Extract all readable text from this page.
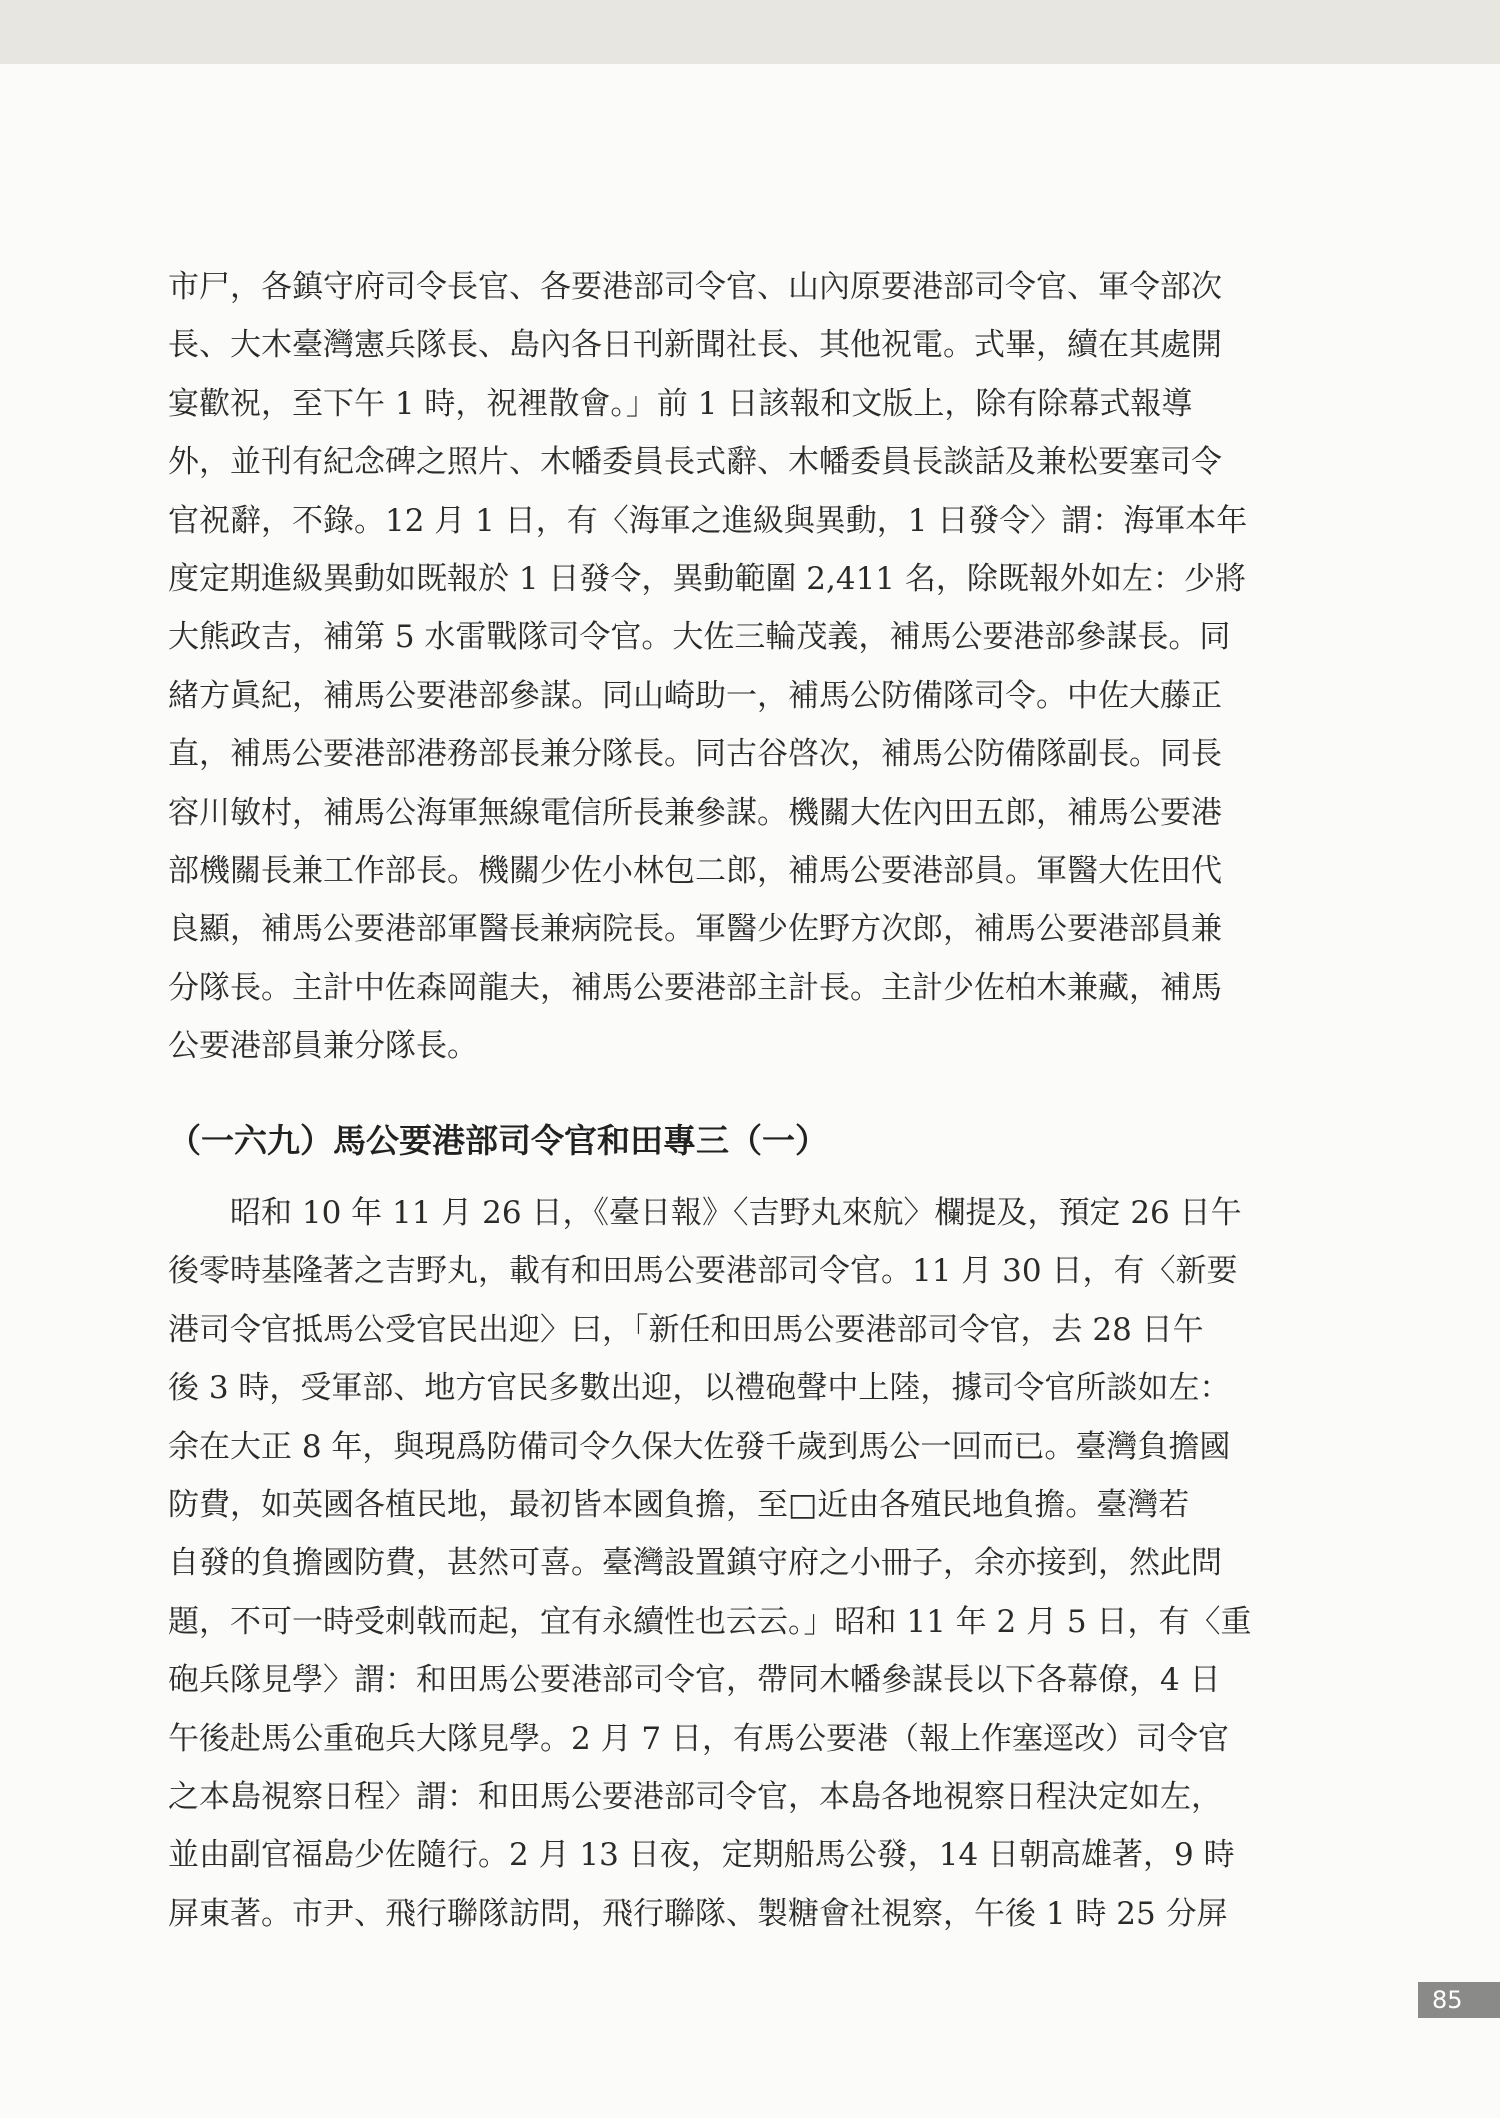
市尸，各鎮守府司令長官、各要港部司令官、山內原要港部司令官、軍令部次
長、大木臺灣憲兵隊長、島內各日刊新聞社長、其他祝電。式畢，續在其處開
宴歡祝，至下午 1 時，祝裡散會。」前 1 日該報和文版上，除有除幕式報導
外，並刊有紀念碑之照片、木幡委員長式辭、木幡委員長談話及兼松要塞司令
官祝辭，不錄。12 月 1 日，有〈海軍之進級與異動，1 日發令〉謂：海軍本年
度定期進級異動如既報於 1 日發令，異動範圍 2,411 名，除既報外如左：少將
大熊政吉，補第 5 水雷戰隊司令官。大佐三輪茂義，補馬公要港部參謀長。同
緒方眞紀，補馬公要港部參謀。同山崎助一，補馬公防備隊司令。中佐大藤正
直，補馬公要港部港務部長兼分隊長。同古谷啓次，補馬公防備隊副長。同長
容川敏村，補馬公海軍無線電信所長兼參謀。機關大佐內田五郎，補馬公要港
部機關長兼工作部長。機關少佐小林包二郎，補馬公要港部員。軍醫大佐田代
良顯，補馬公要港部軍醫長兼病院長。軍醫少佐野方次郎，補馬公要港部員兼
分隊長。主計中佐森岡龍夫，補馬公要港部主計長。主計少佐柏木兼藏，補馬
公要港部員兼分隊長。
（一六九）馬公要港部司令官和田專三（一）
昭和 10 年 11 月 26 日，《臺日報》〈吉野丸來航〉欄提及，預定 26 日午
後零時基隆著之吉野丸，載有和田馬公要港部司令官。11 月 30 日，有〈新要
港司令官抵馬公受官民出迎〉曰，「新任和田馬公要港部司令官，去 28 日午
後 3 時，受軍部、地方官民多數出迎，以禮砲聲中上陸，據司令官所談如左：
余在大正 8 年，與現爲防備司令久保大佐發千歲到馬公一回而已。臺灣負擔國
防費，如英國各植民地，最初皆本國負擔，至□近由各殖民地負擔。臺灣若
自發的負擔國防費，甚然可喜。臺灣設置鎮守府之小冊子，余亦接到，然此問
題，不可一時受刺戟而起，宜有永續性也云云。」昭和 11 年 2 月 5 日，有〈重
砲兵隊見學〉謂：和田馬公要港部司令官，帶同木幡參謀長以下各幕僚，4 日
午後赴馬公重砲兵大隊見學。2 月 7 日，有馬公要港（報上作塞逕改）司令官
之本島視察日程〉謂：和田馬公要港部司令官，本島各地視察日程決定如左，
並由副官福島少佐隨行。2 月 13 日夜，定期船馬公發，14 日朝高雄著，9 時
屏東著。市尹、飛行聯隊訪問，飛行聯隊、製糖會社視察，午後 1 時 25 分屏
85
